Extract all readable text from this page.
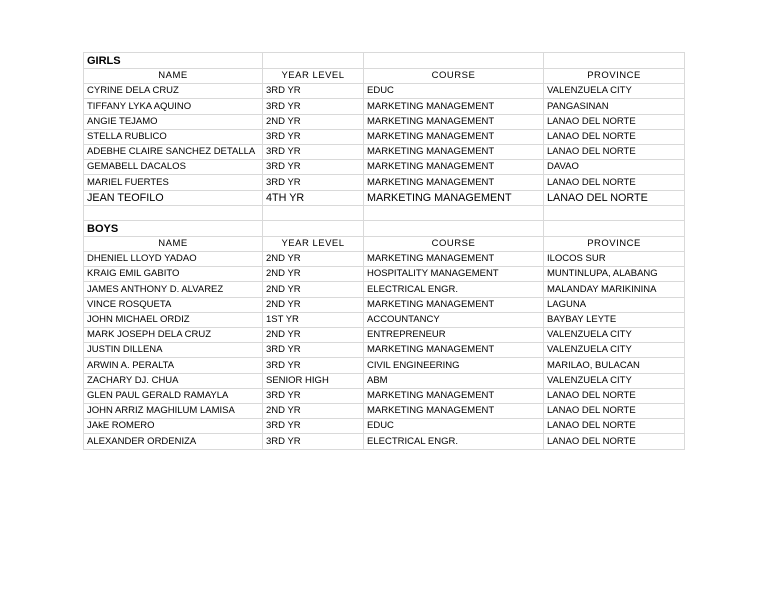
GIRLS			
NAME	YEAR LEVEL	COURSE	PROVINCE
CYRINE DELA CRUZ	3RD YR	EDUC	VALENZUELA CITY
TIFFANY LYKA AQUINO	3RD YR	MARKETING MANAGEMENT	PANGASINAN
ANGIE TEJAMO	2ND YR	MARKETING MANAGEMENT	LANAO DEL NORTE
STELLA RUBLICO	3RD YR	MARKETING MANAGEMENT	LANAO DEL NORTE
ADEBHE CLAIRE SANCHEZ DETALLA	3RD YR	MARKETING MANAGEMENT	LANAO DEL NORTE
GEMABELL DACALOS	3RD YR	MARKETING MANAGEMENT	DAVAO
MARIEL FUERTES	3RD YR	MARKETING MANAGEMENT	LANAO DEL NORTE
JEAN TEOFILO	4TH YR	MARKETING MANAGEMENT	LANAO DEL NORTE

BOYS			
NAME	YEAR LEVEL	COURSE	PROVINCE
DHENIEL LLOYD YADAO	2ND YR	MARKETING MANAGEMENT	ILOCOS SUR
KRAIG EMIL GABITO	2ND YR	HOSPITALITY MANAGEMENT	MUNTINLUPA, ALABANG
JAMES ANTHONY D. ALVAREZ	2ND YR	ELECTRICAL ENGR.	MALANDAY MARIKININA
VINCE ROSQUETA	2ND YR	MARKETING MANAGEMENT	LAGUNA
JOHN MICHAEL ORDIZ	1ST YR	ACCOUNTANCY	BAYBAY LEYTE
MARK JOSEPH DELA CRUZ	2ND YR	ENTREPRENEUR	VALENZUELA CITY
JUSTIN DILLENA	3RD YR	MARKETING MANAGEMENT	VALENZUELA CITY
ARWIN A. PERALTA	3RD YR	CIVIL ENGINEERING	MARILAO, BULACAN
ZACHARY DJ. CHUA	SENIOR HIGH	ABM	VALENZUELA CITY
GLEN PAUL GERALD RAMAYLA	3RD YR	MARKETING MANAGEMENT	LANAO DEL NORTE
JOHN ARRIZ MAGHILUM LAMISA	2ND YR	MARKETING MANAGEMENT	LANAO DEL NORTE
JAkE ROMERO	3RD YR	EDUC	LANAO DEL NORTE
ALEXANDER ORDENIZA	3RD YR	ELECTRICAL ENGR.	LANAO DEL NORTE
